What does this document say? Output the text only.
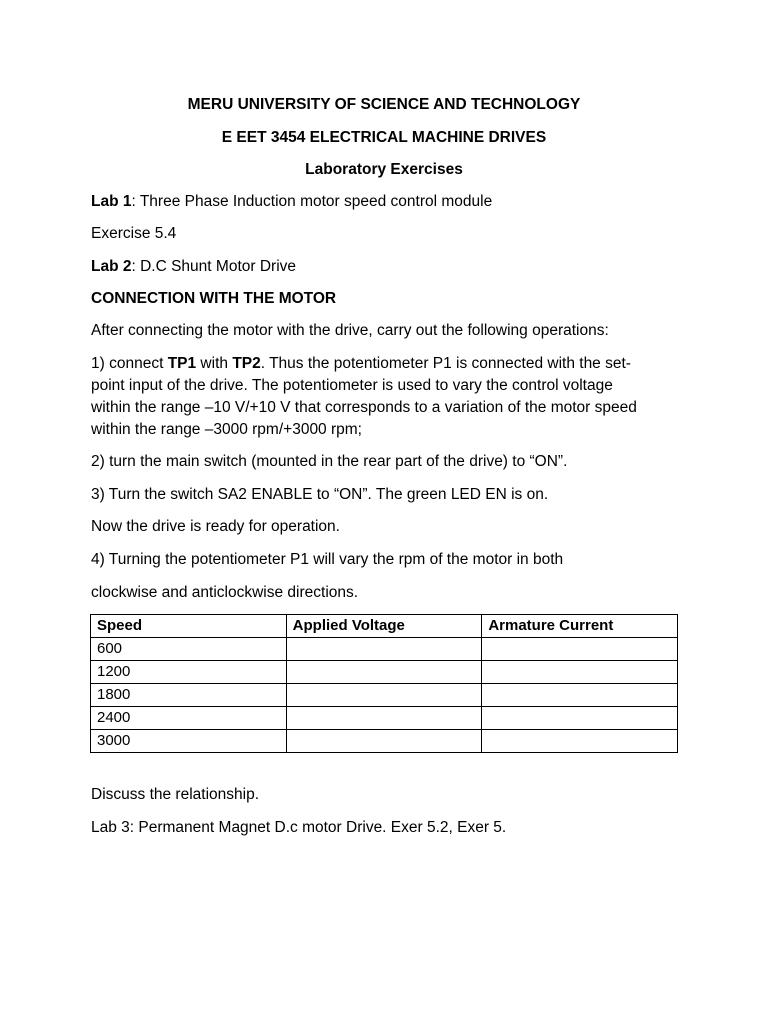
MERU UNIVERSITY OF SCIENCE AND TECHNOLOGY

E EET 3454 ELECTRICAL MACHINE DRIVES

Laboratory Exercises

Lab 1: Three Phase Induction motor speed control module

Exercise 5.4

Lab 2: D.C Shunt Motor Drive

CONNECTION WITH THE MOTOR

After connecting the motor with the drive, carry out the following operations:

1) connect TP1 with TP2. Thus the potentiometer P1 is connected with the set-

point input of the drive. The potentiometer is used to vary the control voltage

within the range –10 V/+10 V that corresponds to a variation of the motor speed

within the range –3000 rpm/+3000 rpm;

2) turn the main switch (mounted in the rear part of the drive) to “ON”.

3) Turn the switch SA2 ENABLE to “ON”. The green LED EN is on.

Now the drive is ready for operation.

4) Turning the potentiometer P1 will vary the rpm of the motor in both

clockwise and anticlockwise directions.

Speed	Applied Voltage	Armature Current
600		
1200		
1800		
2400		
3000		

Discuss the relationship.

Lab 3: Permanent Magnet D.c motor Drive. Exer 5.2, Exer 5.
